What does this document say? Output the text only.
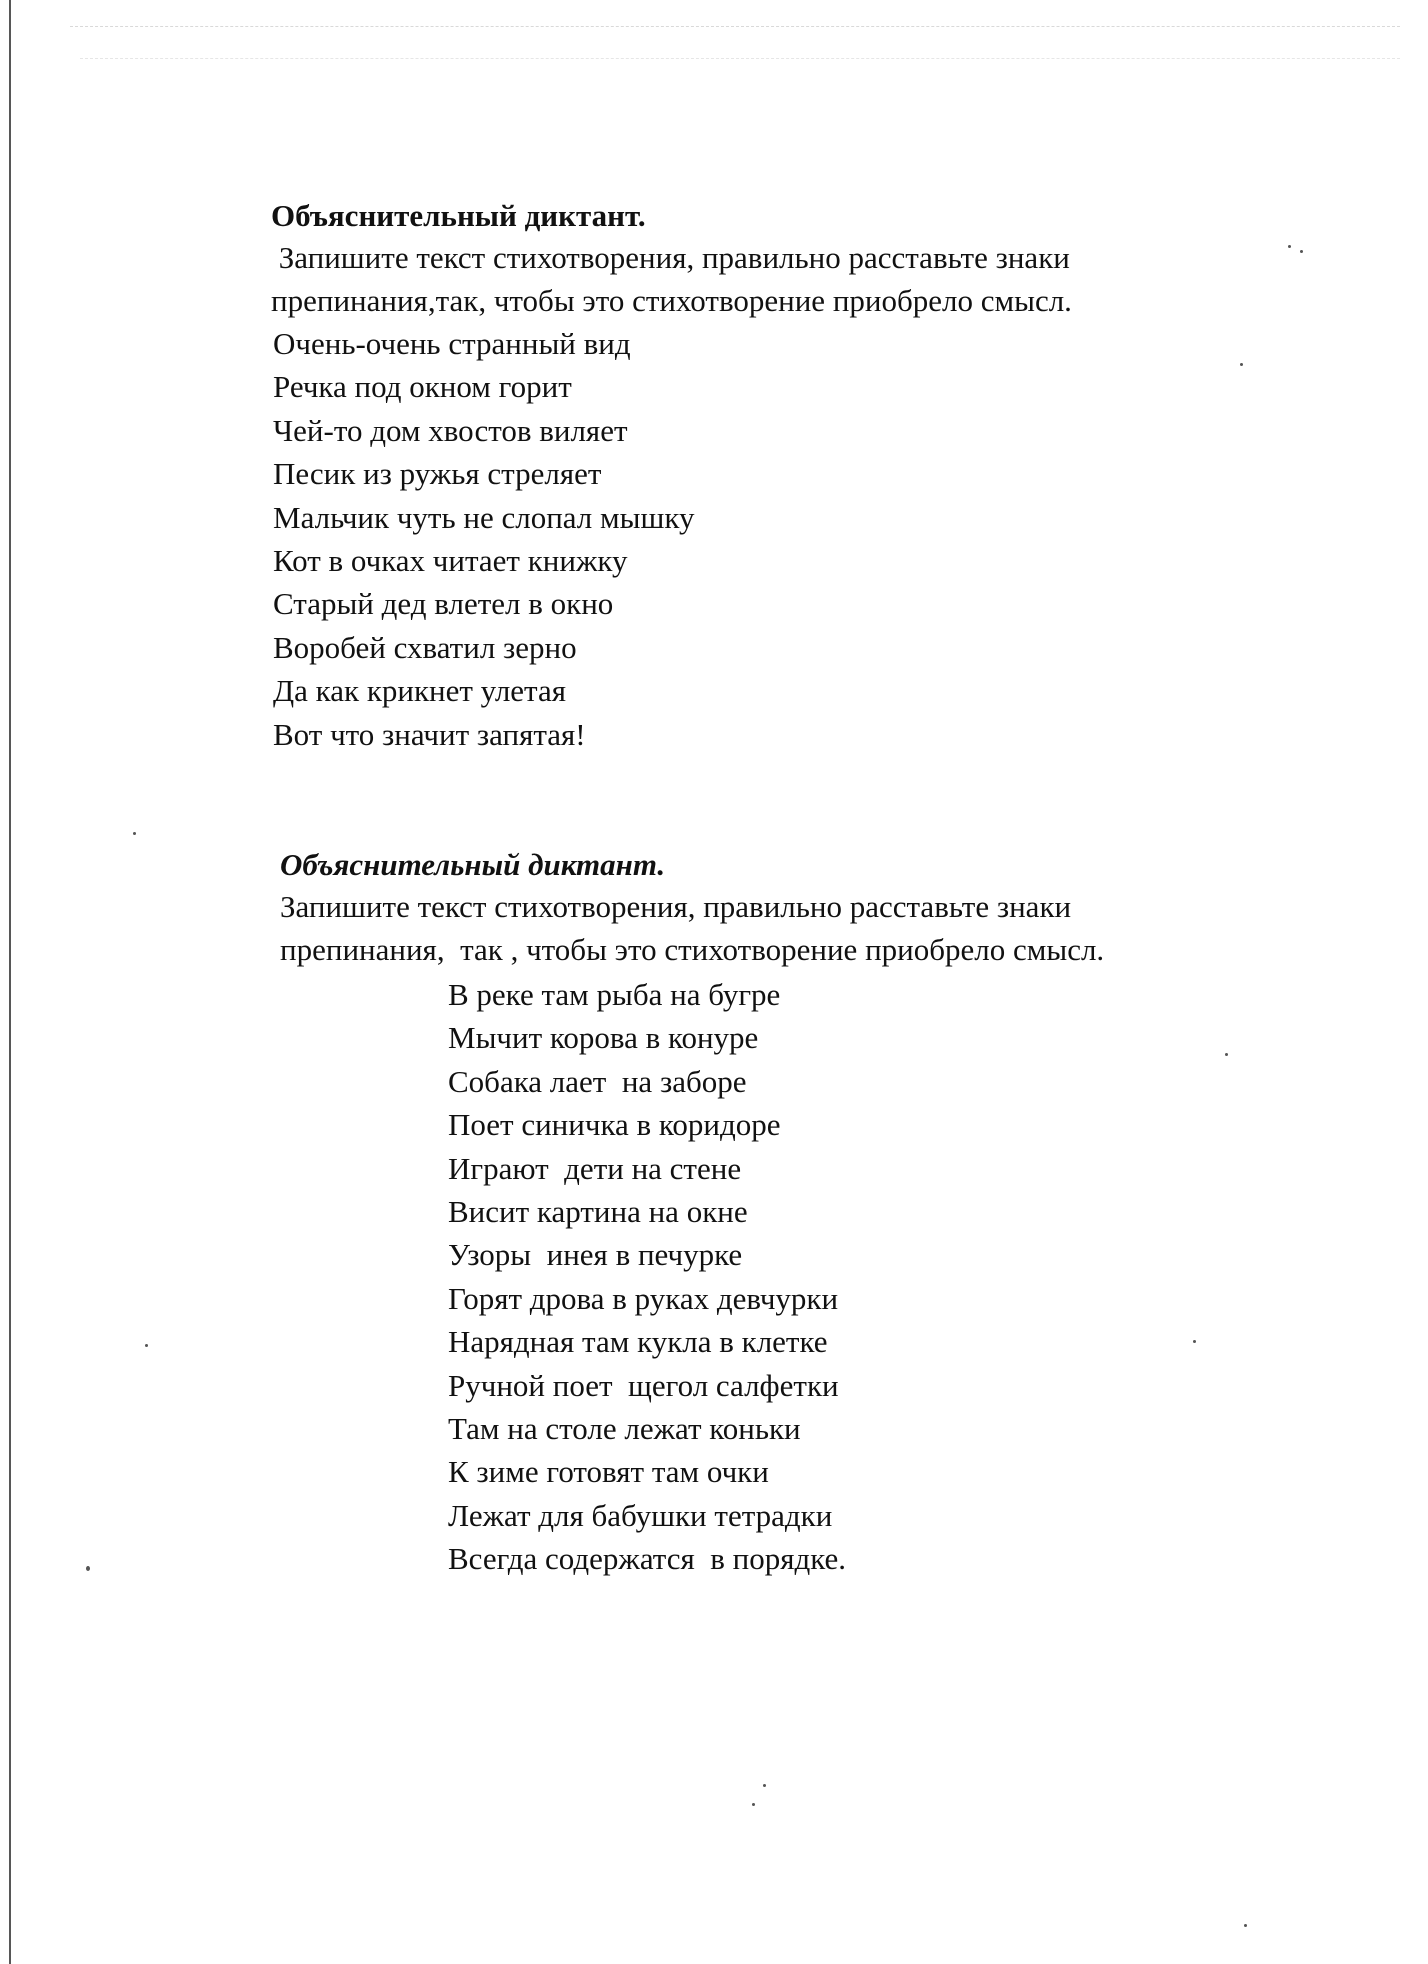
Объяснительный диктант.

Запишите текст стихотворения, правильно расставьте знаки

препинания,так, чтобы это стихотворение приобрело смысл.

Очень-очень странный вид
Речка под окном горит
Чей-то дом хвостов виляет
Песик из ружья стреляет
Мальчик чуть не слопал мышку
Кот в очках читает книжку
Старый дед влетел в окно
Воробей схватил зерно
Да как крикнет улетая
Вот что значит запятая!

Объяснительный диктант.

Запишите текст стихотворения, правильно расставьте знаки

препинания,  так , чтобы это стихотворение приобрело смысл.

В реке там рыба на бугре
Мычит корова в конуре
Собака лает  на заборе
Поет синичка в коридоре
Играют  дети на стене
Висит картина на окне
Узоры  инея в печурке
Горят дрова в руках девчурки
Нарядная там кукла в клетке
Ручной поет  щегол салфетки
Там на столе лежат коньки
К зиме готовят там очки
Лежат для бабушки тетрадки
Всегда содержатся  в порядке.
